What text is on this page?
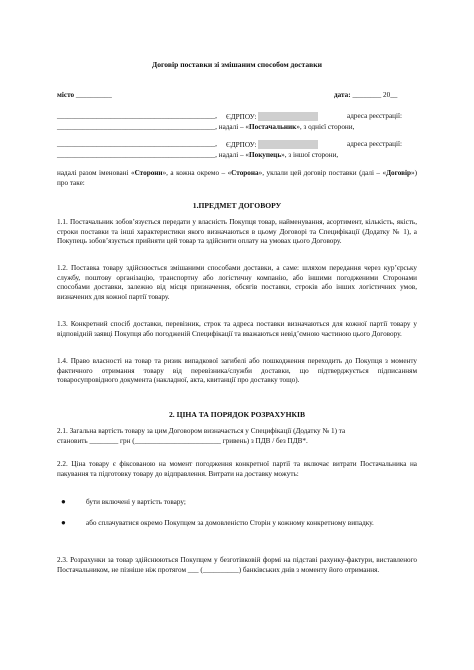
Договір поставки зі змішаним способом доставки
місто __________	дата: ________ 20__
____________________________________________, ЄДРПОУ:	адреса реєстрації:
____________________________________________, надалі – «Постачальник», з однієї сторони,
____________________________________________, ЄДРПОУ:	адреса реєстрації:
____________________________________________, надалі – «Покупець», з іншої сторони,
надалі разом іменовані «Сторони», а кожна окремо – «Сторона», уклали цей договір поставки (далі – «Договір») про таке:
1.ПРЕДМЕТ ДОГОВОРУ
1.1. Постачальник зобов’язується передати у власність Покупця товар, найменування, асортимент, кількість, якість, строки поставки та інші характеристики якого визначаються в цьому Договорі та Специфікації (Додатку № 1), а Покупець зобов’язується прийняти цей товар та здійснити оплату на умовах цього Договору.
1.2. Поставка товару здійснюється змішаними способами доставки, а саме: шляхом передання через кур’єрську службу, поштову організацію, транспортну або логістичну компанію, або іншими погодженими Сторонами способами доставки, залежно від місця призначення, обсягів поставки, строків або інших логістичних умов, визначених для кожної партії товару.
1.3. Конкретний спосіб доставки, перевізник, строк та адреса поставки визначаються для кожної партії товару у відповідній заявці Покупця або погодженій Специфікації та вважаються невід’ємною частиною цього Договору.
1.4. Право власності на товар та ризик випадкової загибелі або пошкодження переходить до Покупця з моменту фактичного отримання товару від перевізника/служби доставки, що підтверджується підписанням товаросупровідного документа (накладної, акта, квитанції про доставку тощо).
2. ЦІНА ТА ПОРЯДОК РОЗРАХУНКІВ
2.1. Загальна вартість товару за цим Договором визначається у Специфікації (Додатку № 1) та
становить ________ грн (________________________ гривень) з ПДВ / без ПДВ*.
2.2. Ціна товару є фіксованою на момент погодження конкретної партії та включає витрати Постачальника на пакування та підготовку товару до відправлення. Витрати на доставку можуть:
●	бути включені у вартість товару;
●	або сплачуватися окремо Покупцем за домовленістю Сторін у кожному конкретному випадку.
2.3. Розрахунки за товар здійснюються Покупцем у безготівковій формі на підставі рахунку-фактури, виставленого Постачальником, не пізніше ніж протягом ___ (__________) банківських днів з моменту його отримання.
